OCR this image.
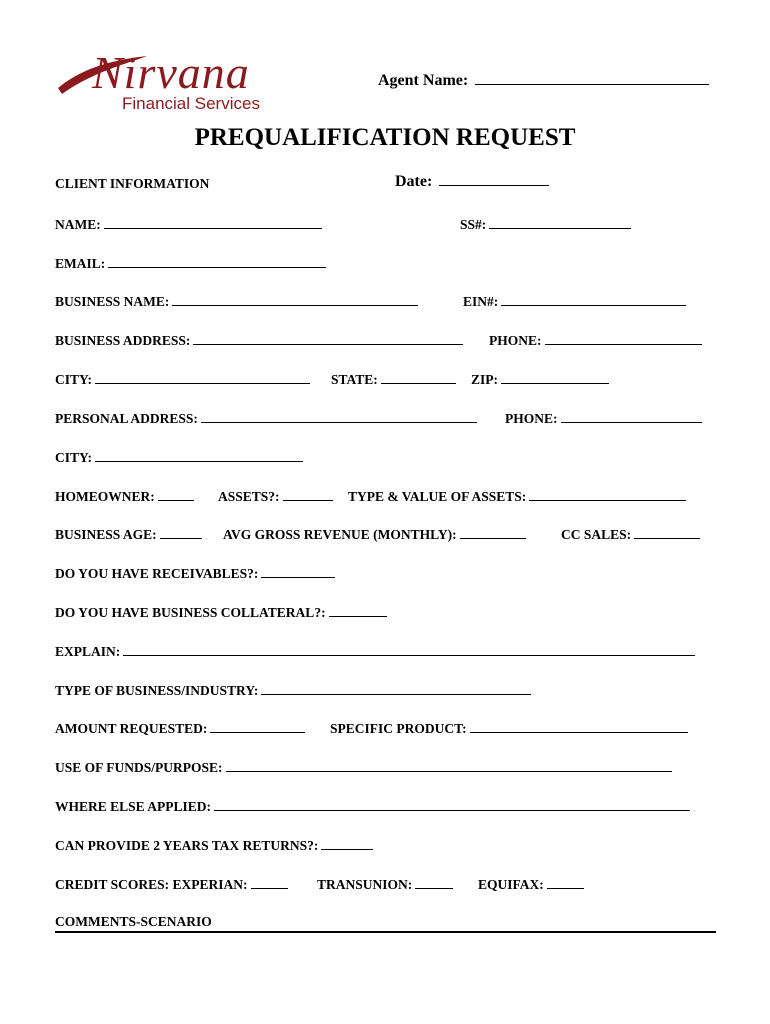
Nirvana
Financial Services
Agent Name:
PREQUALIFICATION REQUEST
CLIENT INFORMATION	Date:
NAME:	SS#:
EMAIL:
BUSINESS NAME:	EIN#:
BUSINESS ADDRESS:	PHONE:
CITY:	STATE:	ZIP:
PERSONAL ADDRESS:	PHONE:
CITY:
HOMEOWNER:	ASSETS?:	TYPE & VALUE OF ASSETS:
BUSINESS AGE:	AVG GROSS REVENUE (MONTHLY):	CC SALES:
DO YOU HAVE RECEIVABLES?:
DO YOU HAVE BUSINESS COLLATERAL?:
EXPLAIN:
TYPE OF BUSINESS/INDUSTRY:
AMOUNT REQUESTED:	SPECIFIC PRODUCT:
USE OF FUNDS/PURPOSE:
WHERE ELSE APPLIED:
CAN PROVIDE 2 YEARS TAX RETURNS?:
CREDIT SCORES: EXPERIAN:	TRANSUNION:	EQUIFAX:
COMMENTS-SCENARIO
